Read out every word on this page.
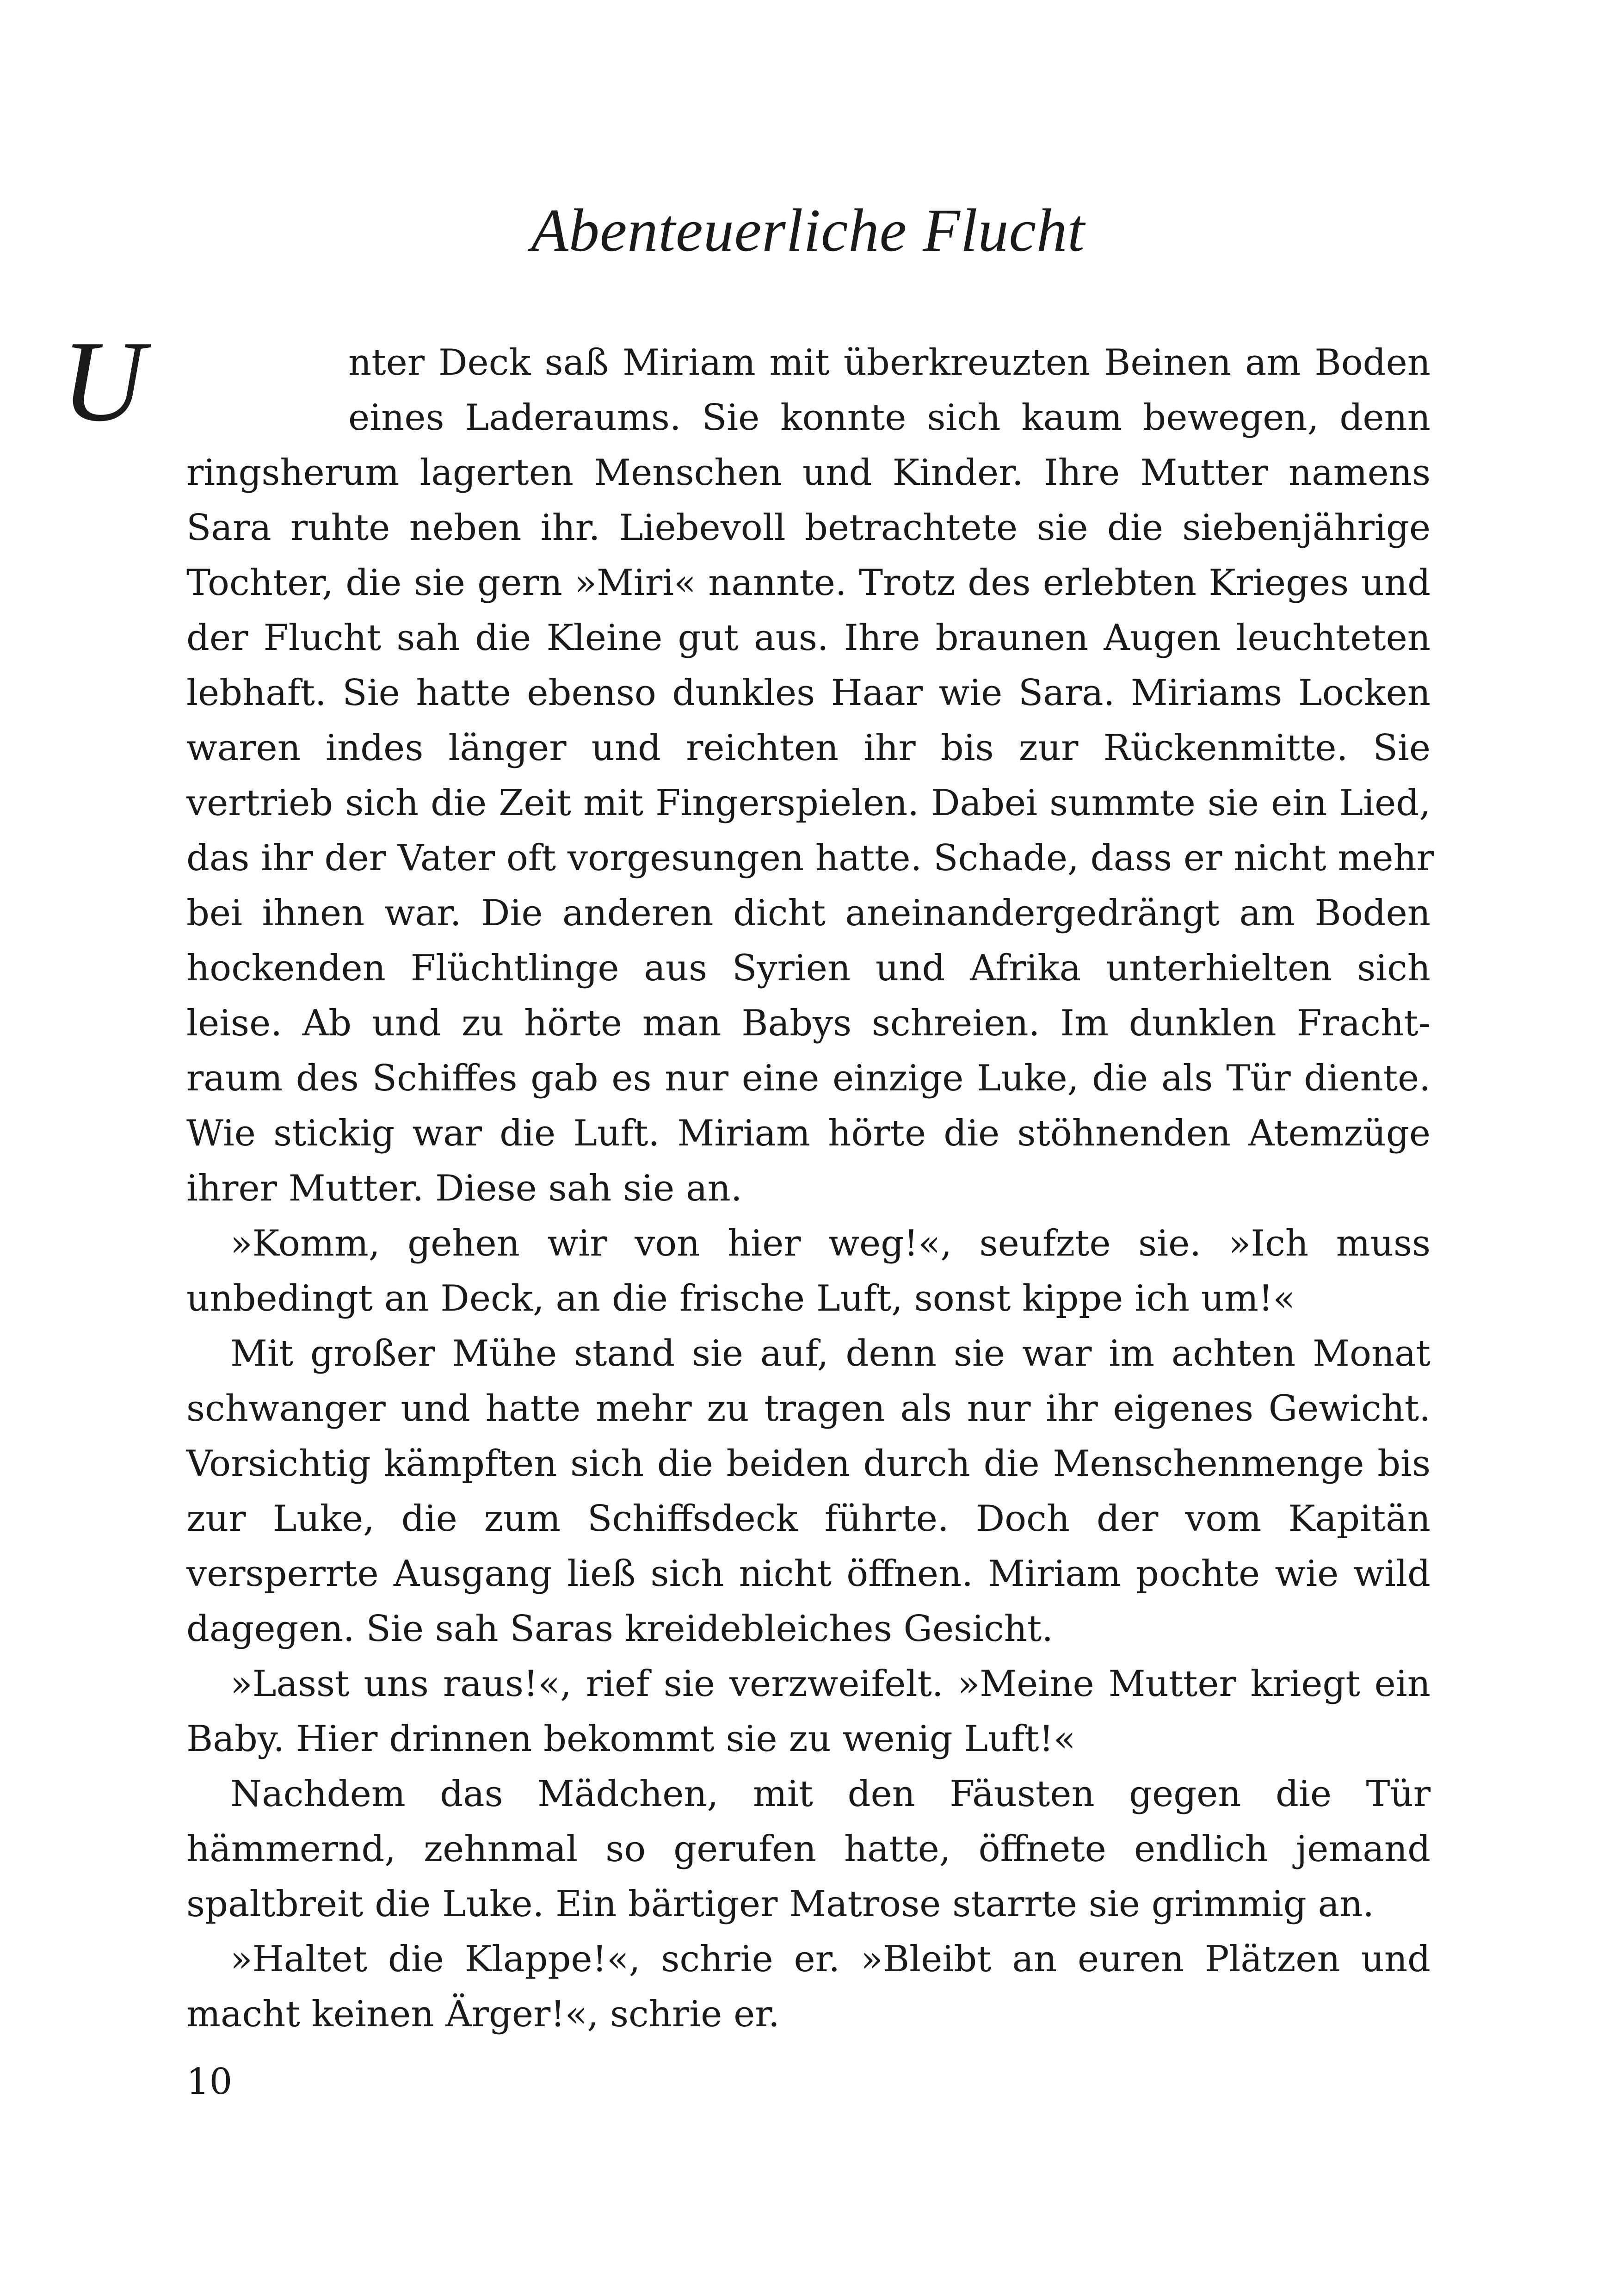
Abenteuerliche Flucht
U	nter Deck saß Miriam mit überkreuzten Beinen am Boden
eines Laderaums. Sie konnte sich kaum bewegen, denn
ringsherum lagerten Menschen und Kinder. Ihre Mutter namens
Sara ruhte neben ihr. Liebevoll betrachtete sie die siebenjährige
Tochter, die sie gern »Miri« nannte. Trotz des erlebten Krieges und
der Flucht sah die Kleine gut aus. Ihre braunen Augen leuchteten
lebhaft. Sie hatte ebenso dunkles Haar wie Sara. Miriams Locken
waren indes länger und reichten ihr bis zur Rückenmitte. Sie
vertrieb sich die Zeit mit Fingerspielen. Dabei summte sie ein Lied,
das ihr der Vater oft vorgesungen hatte. Schade, dass er nicht mehr
bei ihnen war. Die anderen dicht aneinandergedrängt am Boden
hockenden Flüchtlinge aus Syrien und Afrika unterhielten sich
leise. Ab und zu hörte man Babys schreien. Im dunklen Fracht-
raum des Schiffes gab es nur eine einzige Luke, die als Tür diente.
Wie stickig war die Luft. Miriam hörte die stöhnenden Atemzüge
ihrer Mutter. Diese sah sie an.
»Komm, gehen wir von hier weg!«, seufzte sie. »Ich muss
unbedingt an Deck, an die frische Luft, sonst kippe ich um!«
Mit großer Mühe stand sie auf, denn sie war im achten Monat
schwanger und hatte mehr zu tragen als nur ihr eigenes Gewicht.
Vorsichtig kämpften sich die beiden durch die Menschenmenge bis
zur Luke, die zum Schiffsdeck führte. Doch der vom Kapitän
versperrte Ausgang ließ sich nicht öffnen. Miriam pochte wie wild
dagegen. Sie sah Saras kreidebleiches Gesicht.
»Lasst uns raus!«, rief sie verzweifelt. »Meine Mutter kriegt ein
Baby. Hier drinnen bekommt sie zu wenig Luft!«
Nachdem das Mädchen, mit den Fäusten gegen die Tür
hämmernd, zehnmal so gerufen hatte, öffnete endlich jemand
spaltbreit die Luke. Ein bärtiger Matrose starrte sie grimmig an.
»Haltet die Klappe!«, schrie er. »Bleibt an euren Plätzen und
macht keinen Ärger!«, schrie er.
10
